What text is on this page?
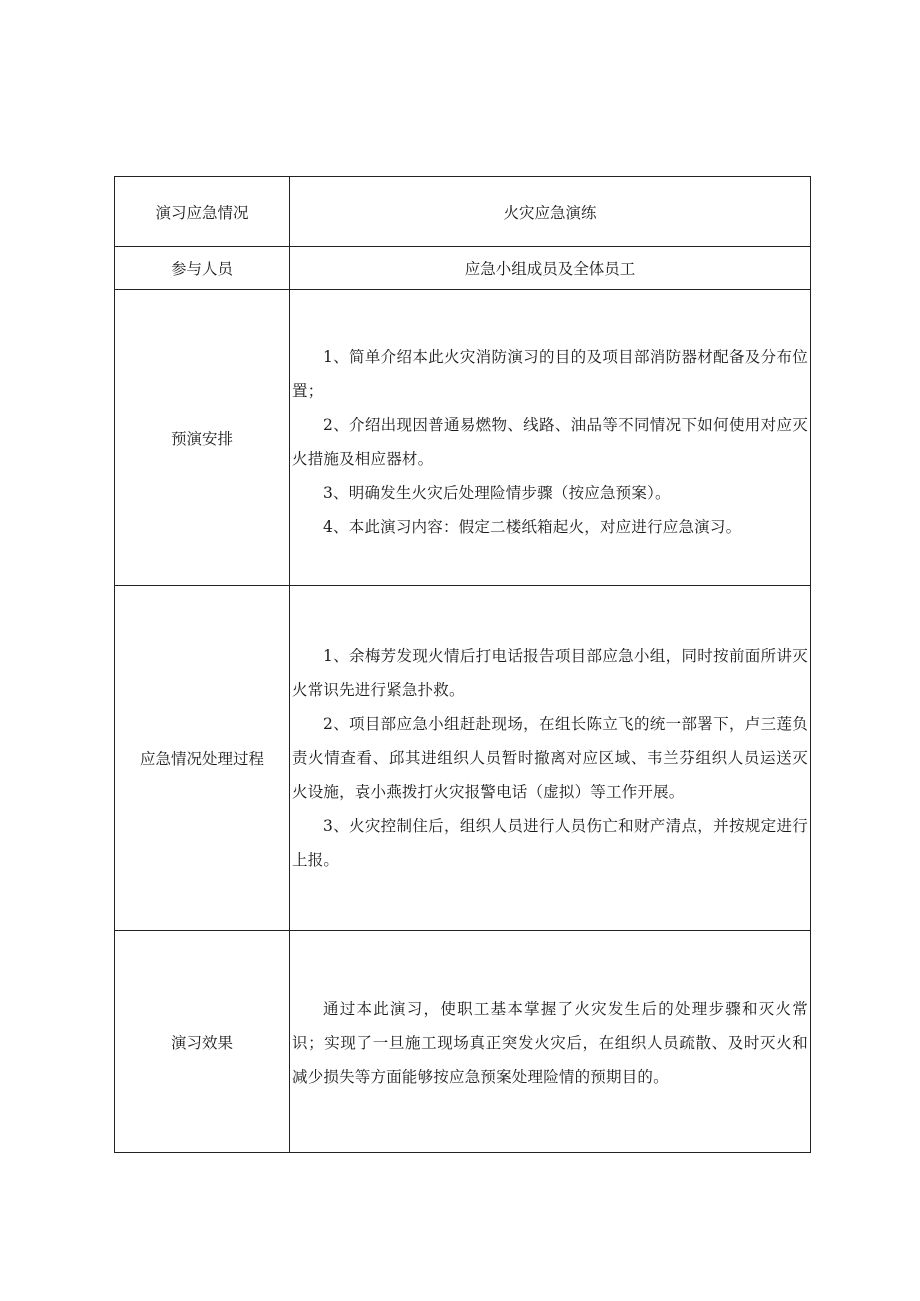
演习应急情况	火灾应急演练
参与人员	应急小组成员及全体员工
预演安排	1、简单介绍本此火灾消防演习的目的及项目部消防器材配备及分布位置；

2、介绍出现因普通易燃物、线路、油品等不同情况下如何使用对应灭火措施及相应器材。

3、明确发生火灾后处理险情步骤（按应急预案）。

4、本此演习内容：假定二楼纸箱起火，对应进行应急演习。

应急情况处理过程	1、余梅芳发现火情后打电话报告项目部应急小组，同时按前面所讲灭火常识先进行紧急扑救。

2、项目部应急小组赶赴现场，在组长陈立飞的统一部署下，卢三莲负责火情查看、邱其进组织人员暂时撤离对应区域、韦兰芬组织人员运送灭火设施，袁小燕拨打火灾报警电话（虚拟）等工作开展。

3、火灾控制住后，组织人员进行人员伤亡和财产清点，并按规定进行上报。

演习效果	通过本此演习，使职工基本掌握了火灾发生后的处理步骤和灭火常识；实现了一旦施工现场真正突发火灾后，在组织人员疏散、及时灭火和减少损失等方面能够按应急预案处理险情的预期目的。
